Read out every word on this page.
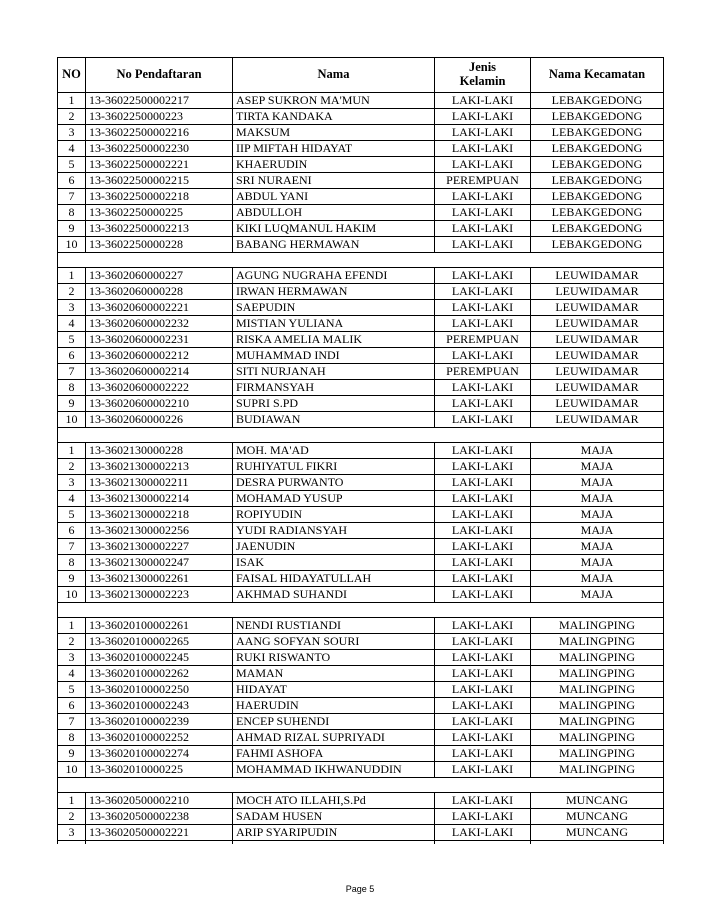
NO	No Pendaftaran	Nama	Jenis Kelamin	Nama Kecamatan
1	13-36022500002217	ASEP SUKRON MA'MUN	LAKI-LAKI	LEBAKGEDONG
2	13-3602250000223	TIRTA KANDAKA	LAKI-LAKI	LEBAKGEDONG
3	13-36022500002216	MAKSUM	LAKI-LAKI	LEBAKGEDONG
4	13-36022500002230	IIP MIFTAH HIDAYAT	LAKI-LAKI	LEBAKGEDONG
5	13-36022500002221	KHAERUDIN	LAKI-LAKI	LEBAKGEDONG
6	13-36022500002215	SRI NURAENI	PEREMPUAN	LEBAKGEDONG
7	13-36022500002218	ABDUL YANI	LAKI-LAKI	LEBAKGEDONG
8	13-3602250000225	ABDULLOH	LAKI-LAKI	LEBAKGEDONG
9	13-36022500002213	KIKI LUQMANUL HAKIM	LAKI-LAKI	LEBAKGEDONG
10	13-3602250000228	BABANG HERMAWAN	LAKI-LAKI	LEBAKGEDONG

1	13-3602060000227	AGUNG NUGRAHA EFENDI	LAKI-LAKI	LEUWIDAMAR
2	13-3602060000228	IRWAN HERMAWAN	LAKI-LAKI	LEUWIDAMAR
3	13-36020600002221	SAEPUDIN	LAKI-LAKI	LEUWIDAMAR
4	13-36020600002232	MISTIAN YULIANA	LAKI-LAKI	LEUWIDAMAR
5	13-36020600002231	RISKA AMELIA MALIK	PEREMPUAN	LEUWIDAMAR
6	13-36020600002212	MUHAMMAD INDI	LAKI-LAKI	LEUWIDAMAR
7	13-36020600002214	SITI NURJANAH	PEREMPUAN	LEUWIDAMAR
8	13-36020600002222	FIRMANSYAH	LAKI-LAKI	LEUWIDAMAR
9	13-36020600002210	SUPRI S.PD	LAKI-LAKI	LEUWIDAMAR
10	13-3602060000226	BUDIAWAN	LAKI-LAKI	LEUWIDAMAR

1	13-3602130000228	MOH. MA'AD	LAKI-LAKI	MAJA
2	13-36021300002213	RUHIYATUL FIKRI	LAKI-LAKI	MAJA
3	13-36021300002211	DESRA PURWANTO	LAKI-LAKI	MAJA
4	13-36021300002214	MOHAMAD YUSUP	LAKI-LAKI	MAJA
5	13-36021300002218	ROPIYUDIN	LAKI-LAKI	MAJA
6	13-36021300002256	YUDI RADIANSYAH	LAKI-LAKI	MAJA
7	13-36021300002227	JAENUDIN	LAKI-LAKI	MAJA
8	13-36021300002247	ISAK	LAKI-LAKI	MAJA
9	13-36021300002261	FAISAL HIDAYATULLAH	LAKI-LAKI	MAJA
10	13-36021300002223	AKHMAD SUHANDI	LAKI-LAKI	MAJA

1	13-36020100002261	NENDI RUSTIANDI	LAKI-LAKI	MALINGPING
2	13-36020100002265	AANG SOFYAN SOURI	LAKI-LAKI	MALINGPING
3	13-36020100002245	RUKI RISWANTO	LAKI-LAKI	MALINGPING
4	13-36020100002262	MAMAN	LAKI-LAKI	MALINGPING
5	13-36020100002250	HIDAYAT	LAKI-LAKI	MALINGPING
6	13-36020100002243	HAERUDIN	LAKI-LAKI	MALINGPING
7	13-36020100002239	ENCEP SUHENDI	LAKI-LAKI	MALINGPING
8	13-36020100002252	AHMAD RIZAL SUPRIYADI	LAKI-LAKI	MALINGPING
9	13-36020100002274	FAHMI ASHOFA	LAKI-LAKI	MALINGPING
10	13-3602010000225	MOHAMMAD IKHWANUDDIN	LAKI-LAKI	MALINGPING

1	13-36020500002210	MOCH ATO ILLAHI,S.Pd	LAKI-LAKI	MUNCANG
2	13-36020500002238	SADAM HUSEN	LAKI-LAKI	MUNCANG
3	13-36020500002221	ARIP SYARIPUDIN	LAKI-LAKI	MUNCANG

Page 5
